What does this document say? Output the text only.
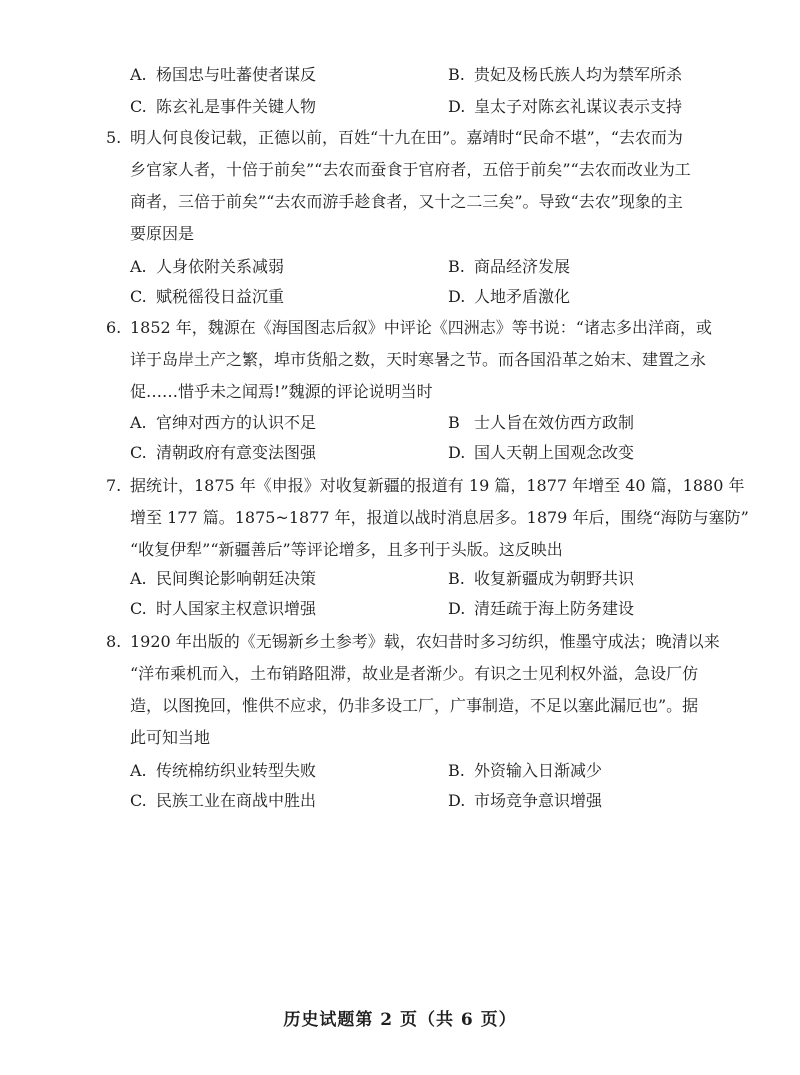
A. 杨国忠与吐蕃使者谋反	B. 贵妃及杨氏族人均为禁军所杀
C. 陈玄礼是事件关键人物	D. 皇太子对陈玄礼谋议表示支持
5. 明人何良俊记载，正德以前，百姓“十九在田”。嘉靖时“民命不堪”，“去农而为
乡官家人者，十倍于前矣”“去农而蚕食于官府者，五倍于前矣”“去农而改业为工
商者，三倍于前矣”“去农而游手趁食者，又十之二三矣”。导致“去农”现象的主
要原因是
A. 人身依附关系减弱	B. 商品经济发展
C. 赋税徭役日益沉重	D. 人地矛盾激化
6. 1852 年，魏源在《海国图志后叙》中评论《四洲志》等书说：“诸志多出洋商，或
详于岛岸土产之繁，埠市货船之数，天时寒暑之节。而各国沿革之始末、建置之永
促……惜乎未之闻焉!”魏源的评论说明当时
A. 官绅对西方的认识不足	B 士人旨在效仿西方政制
C. 清朝政府有意变法图强	D. 国人天朝上国观念改变
7. 据统计，1875 年《申报》对收复新疆的报道有 19 篇，1877 年增至 40 篇，1880 年
增至 177 篇。1875~1877 年，报道以战时消息居多。1879 年后，围绕“海防与塞防”
“收复伊犁”“新疆善后”等评论增多，且多刊于头版。这反映出
A. 民间舆论影响朝廷决策	B. 收复新疆成为朝野共识
C. 时人国家主权意识增强	D. 清廷疏于海上防务建设
8. 1920 年出版的《无锡新乡土参考》载，农妇昔时多习纺织，惟墨守成法；晚清以来
“洋布乘机而入，土布销路阻滞，故业是者渐少。有识之士见利权外溢，急设厂仿
造，以图挽回，惟供不应求，仍非多设工厂，广事制造，不足以塞此漏厄也”。据
此可知当地
A. 传统棉纺织业转型失败	B. 外资输入日渐减少
C. 民族工业在商战中胜出	D. 市场竞争意识增强
历史试题第 2 页（共 6 页）
